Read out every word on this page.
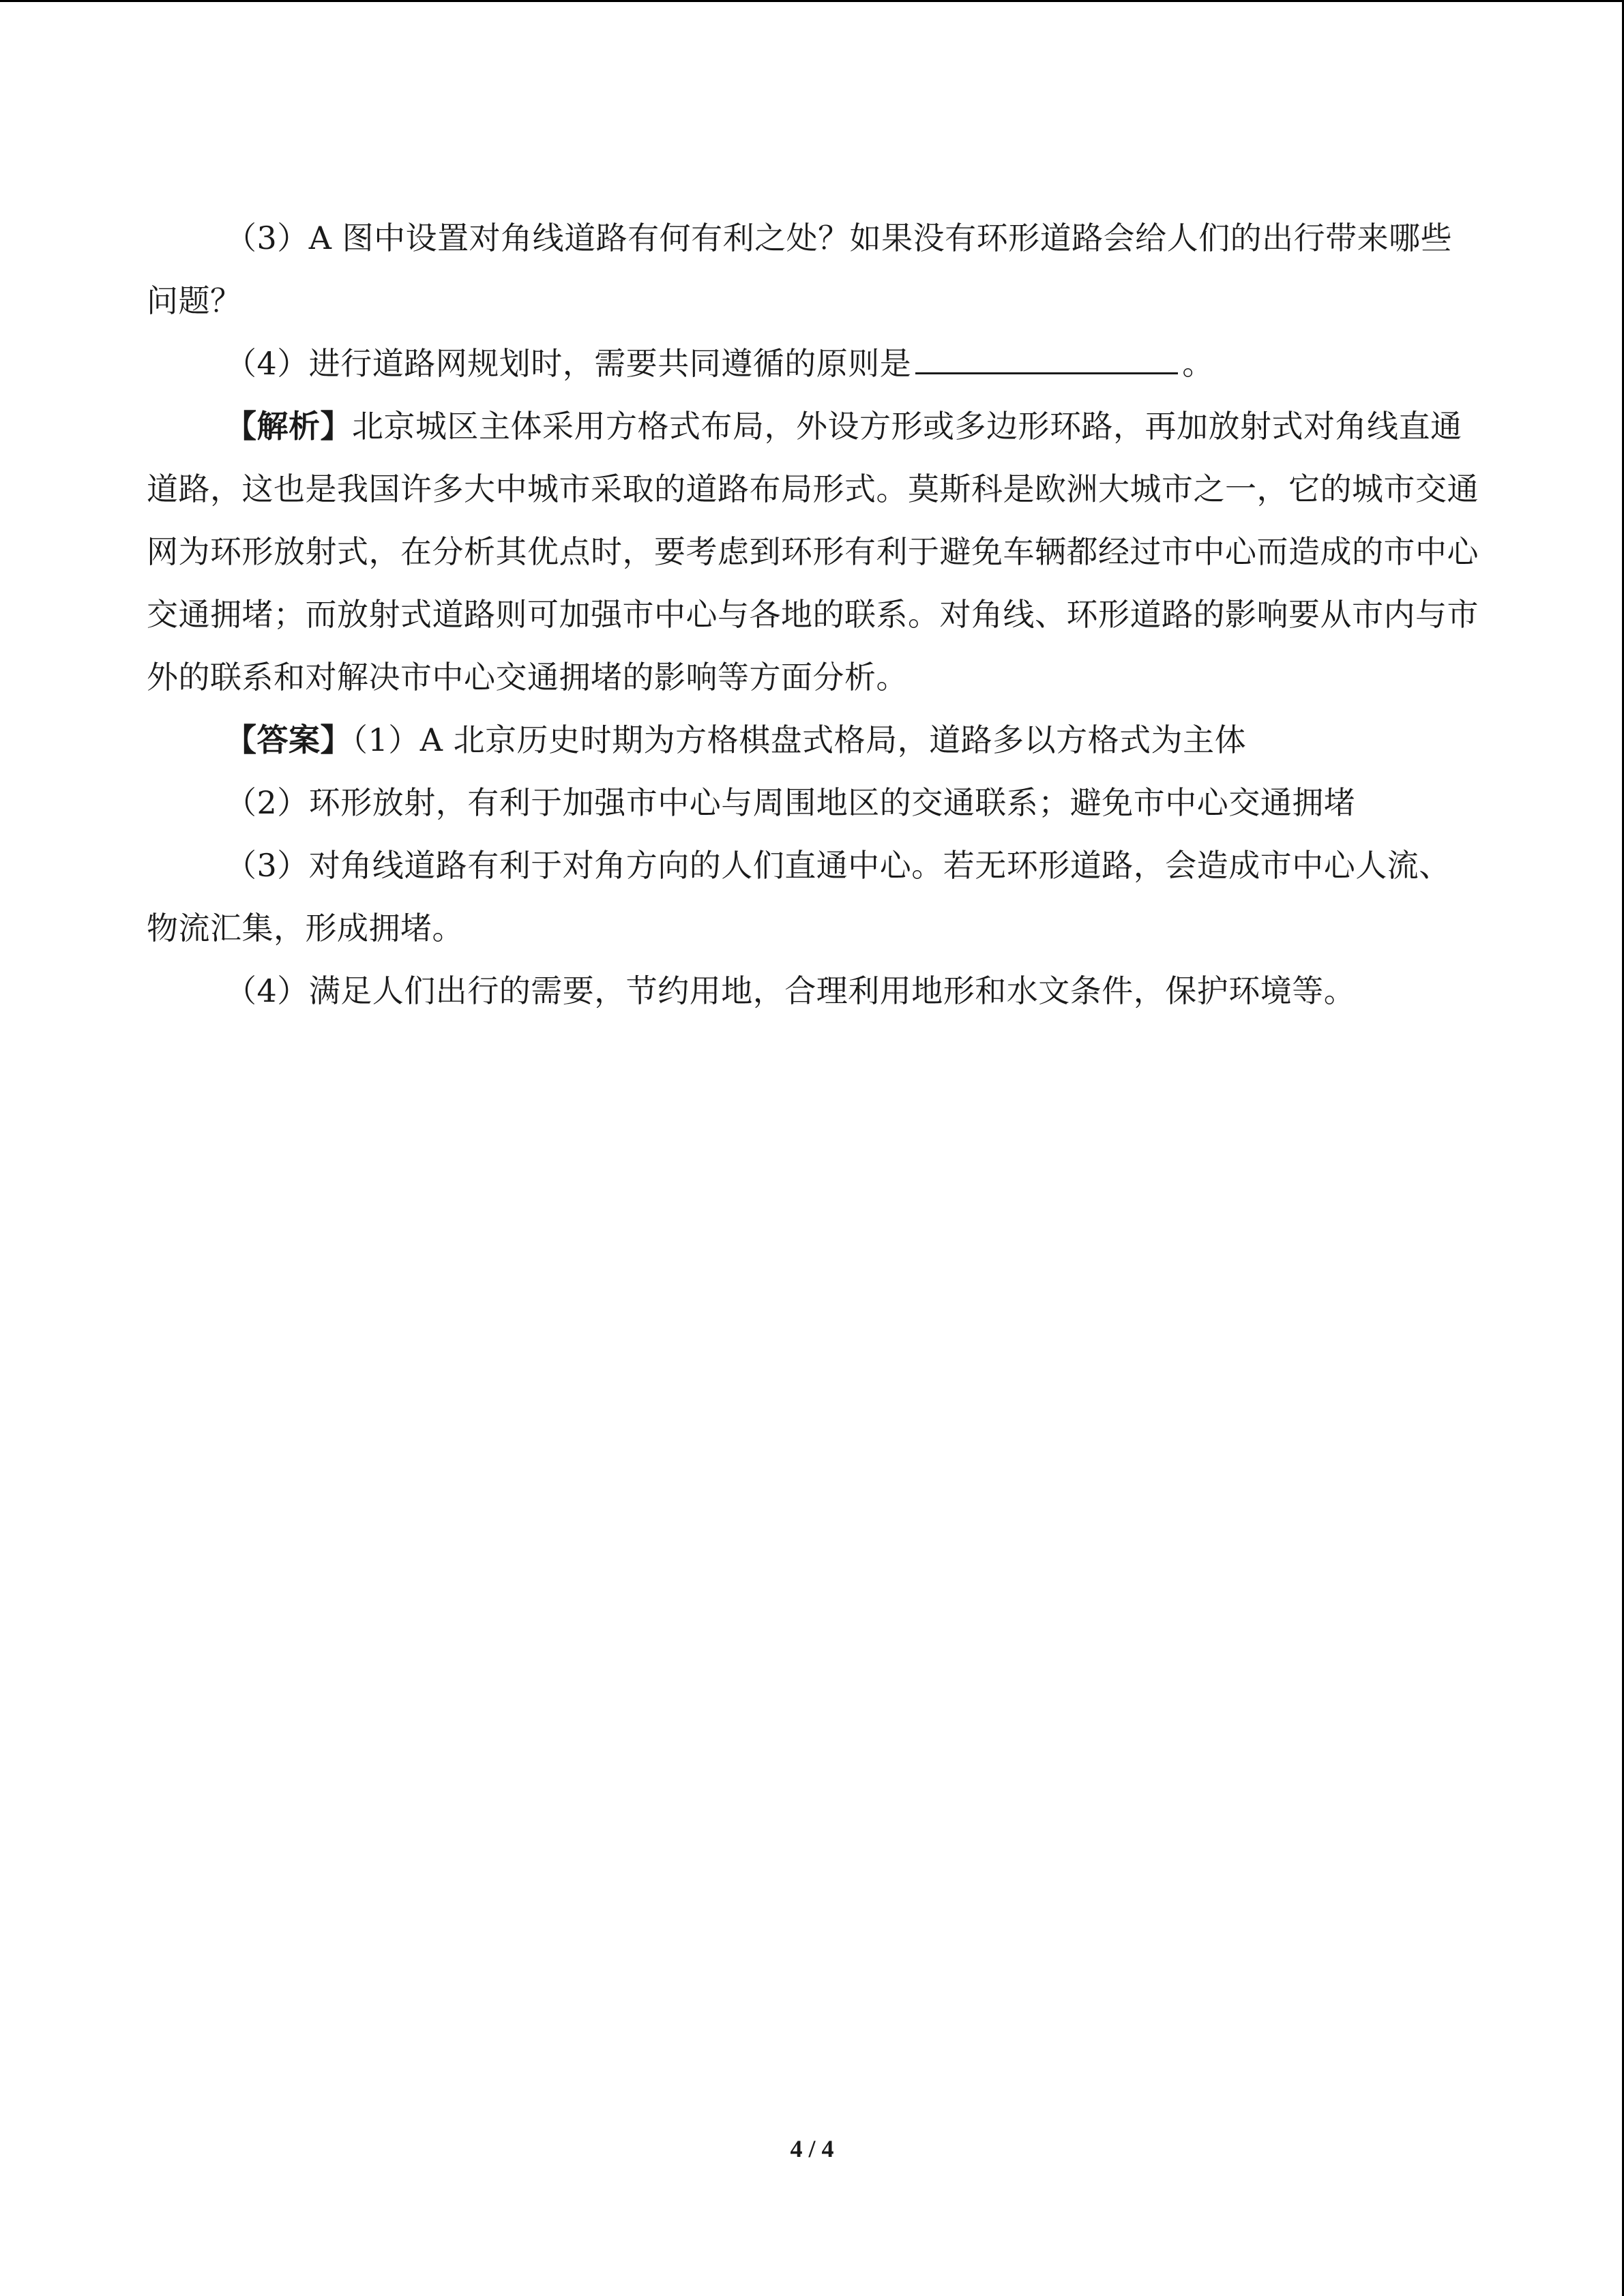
（3）A 图中设置对角线道路有何有利之处？如果没有环形道路会给人们的出行带来哪些问题？

（4）进行道路网规划时，需要共同遵循的原则是	。

【解析】北京城区主体采用方格式布局，外设方形或多边形环路，再加放射式对角线直通道路，这也是我国许多大中城市采取的道路布局形式。莫斯科是欧洲大城市之一，它的城市交通网为环形放射式，在分析其优点时，要考虑到环形有利于避免车辆都经过市中心而造成的市中心交通拥堵；而放射式道路则可加强市中心与各地的联系。对角线、环形道路的影响要从市内与市外的联系和对解决市中心交通拥堵的影响等方面分析。

【答案】（1）A 北京历史时期为方格棋盘式格局，道路多以方格式为主体

（2）环形放射，有利于加强市中心与周围地区的交通联系；避免市中心交通拥堵

（3）对角线道路有利于对角方向的人们直通中心。若无环形道路，会造成市中心人流、物流汇集，形成拥堵。

（4）满足人们出行的需要，节约用地，合理利用地形和水文条件，保护环境等。

4 / 4
